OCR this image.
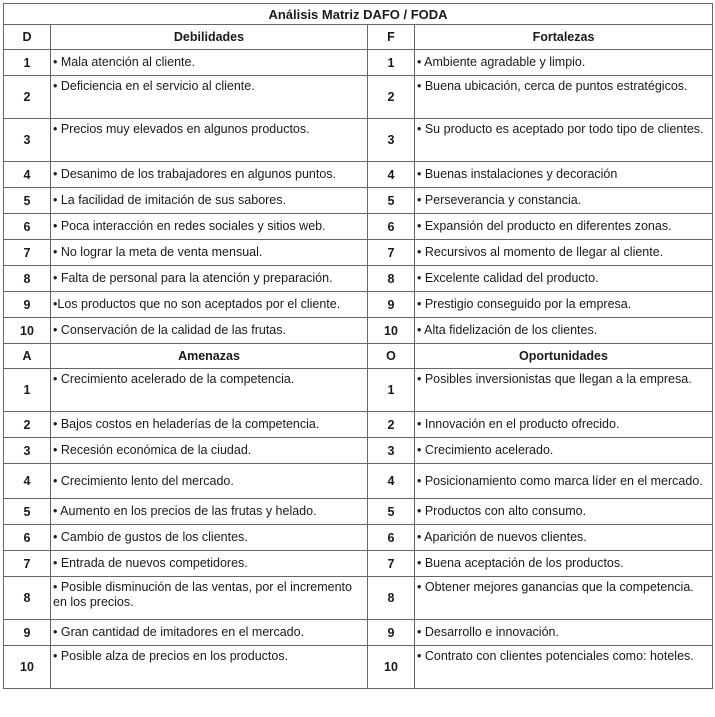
Análisis Matriz DAFO / FODA			
D	Debilidades	F	Fortalezas
1	• Mala atención al cliente.	1	• Ambiente agradable y limpio.
2	• Deficiencia en el servicio al cliente.	2	• Buena ubicación, cerca de puntos estratégicos.
3	• Precios muy elevados en algunos productos.	3	• Su producto es aceptado por todo tipo de clientes.
4	• Desanimo de los trabajadores en algunos puntos.	4	• Buenas instalaciones y decoración
5	• La facilidad de imitación de sus sabores.	5	• Perseverancia y constancia.
6	• Poca interacción en redes sociales y sitios web.	6	• Expansión del producto en diferentes zonas.
7	• No lograr la meta de venta mensual.	7	• Recursivos al momento de llegar al cliente.
8	• Falta de personal para la atención y preparación.	8	• Excelente calidad del producto.
9	•Los productos que no son aceptados por el cliente.	9	• Prestigio conseguido por la empresa.
10	• Conservación de la calidad de las frutas.	10	• Alta fidelización de los clientes.
A	Amenazas	O	Oportunidades
1	• Crecimiento acelerado de la competencia.	1	• Posibles inversionistas que llegan a la empresa.
2	• Bajos costos en heladerías de la competencia.	2	• Innovación en el producto ofrecido.
3	• Recesión económica de la ciudad.	3	• Crecimiento acelerado.
4	• Crecimiento lento del mercado.	4	• Posicionamiento como marca líder en el mercado.
5	• Aumento en los precios de las frutas y helado.	5	• Productos con alto consumo.
6	• Cambio de gustos de los clientes.	6	• Aparición de nuevos clientes.
7	• Entrada de nuevos competidores.	7	• Buena aceptación de los productos.
8	• Posible disminución de las ventas, por el incremento en los precios.	8	• Obtener mejores ganancias que la competencia.
9	• Gran cantidad de imitadores en el mercado.	9	• Desarrollo e innovación.
10	• Posible alza de precios en los productos.	10	• Contrato con clientes potenciales como: hoteles.
